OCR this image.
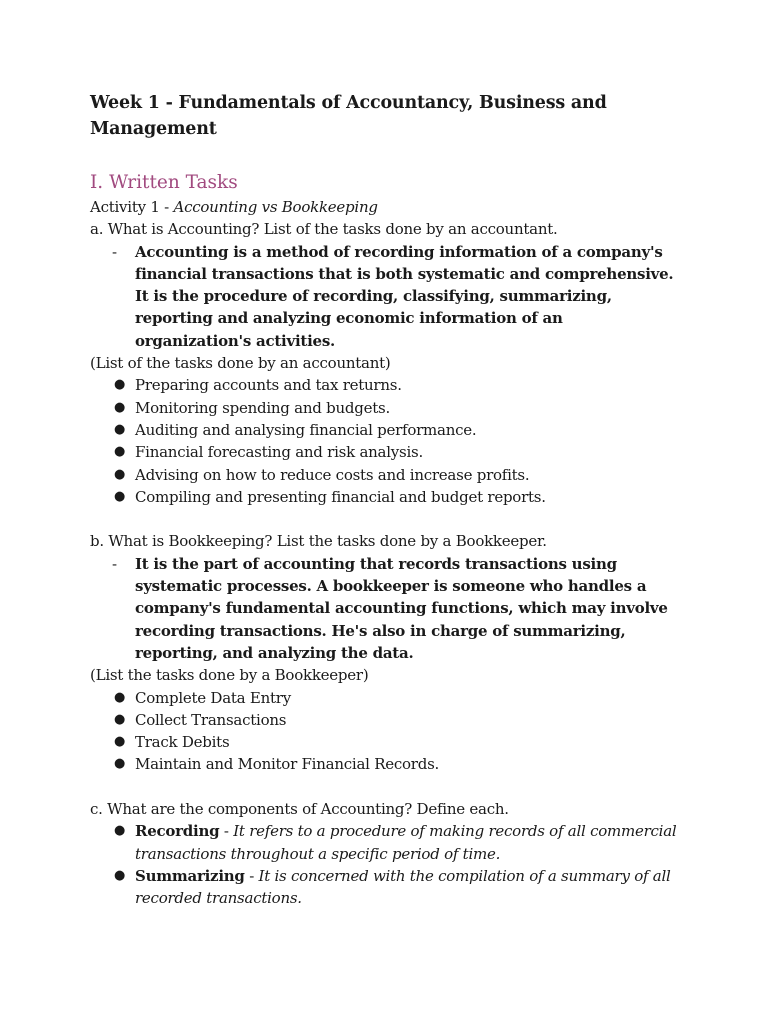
Week 1 - Fundamentals of Accountancy, Business and Management
I. Written Tasks
Activity 1 - Accounting vs Bookkeeping
a. What is Accounting? List of the tasks done by an accountant.
- Accounting is a method of recording information of a company's financial transactions that is both systematic and comprehensive. It is the procedure of recording, classifying, summarizing, reporting and analyzing economic information of an organization's activities.
(List of the tasks done by an accountant)
● Preparing accounts and tax returns.
● Monitoring spending and budgets.
● Auditing and analysing financial performance.
● Financial forecasting and risk analysis.
● Advising on how to reduce costs and increase profits.
● Compiling and presenting financial and budget reports.
b. What is Bookkeeping? List the tasks done by a Bookkeeper.
- It is the part of accounting that records transactions using systematic processes. A bookkeeper is someone who handles a company's fundamental accounting functions, which may involve recording transactions. He's also in charge of summarizing, reporting, and analyzing the data.
(List the tasks done by a Bookkeeper)
● Complete Data Entry
● Collect Transactions
● Track Debits
● Maintain and Monitor Financial Records.
c. What are the components of Accounting? Define each.
● Recording - It refers to a procedure of making records of all commercial transactions throughout a specific period of time.
● Summarizing - It is concerned with the compilation of a summary of all recorded transactions.
